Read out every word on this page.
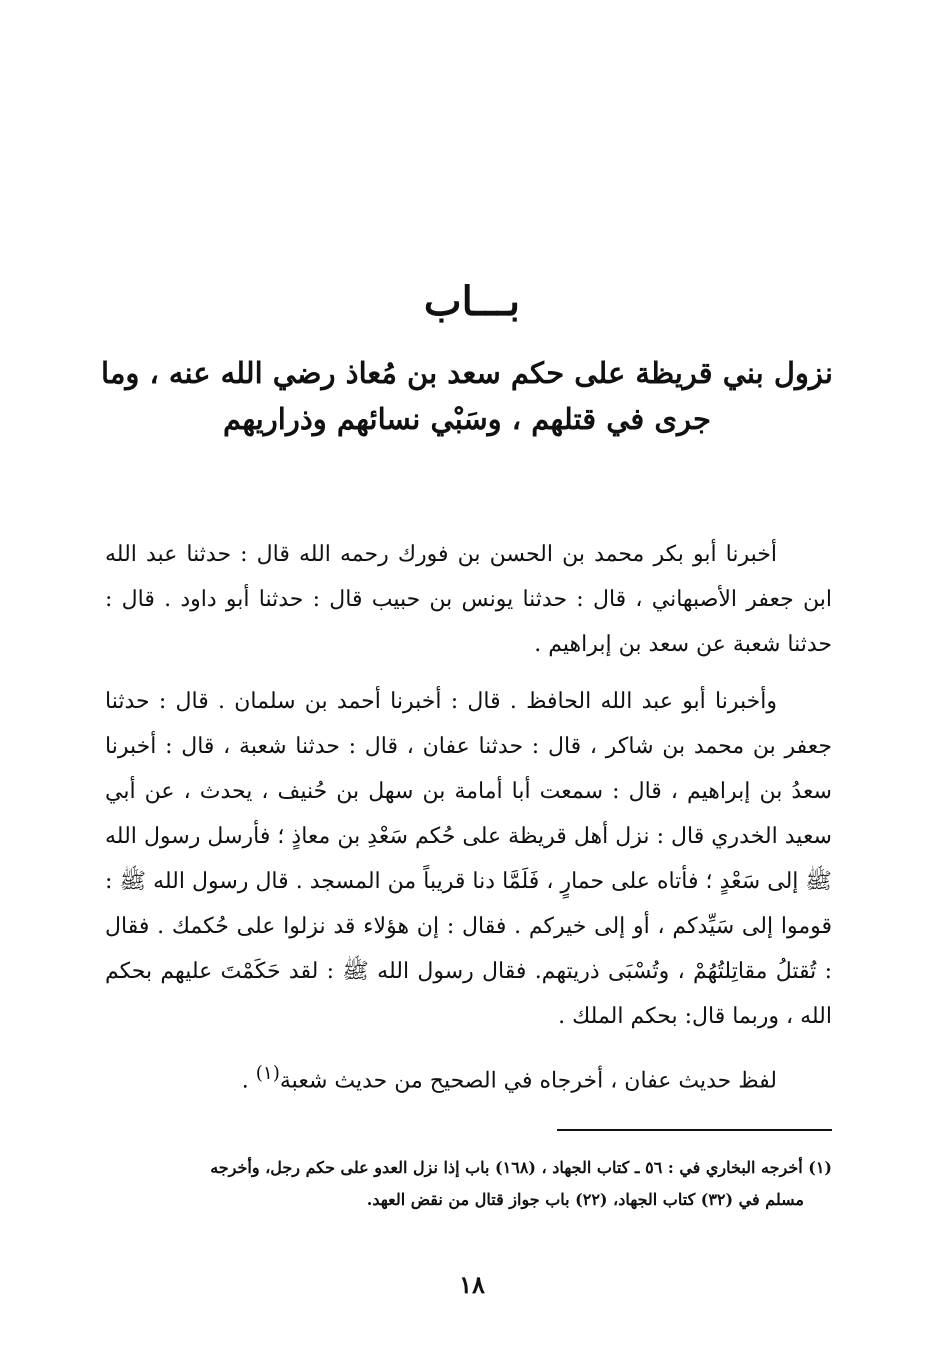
بـــاب
نزول بني قريظة على حكم سعد بن مُعاذ رضي الله عنه ، وما جرى في قتلهم ، وسَبْي نسائهم وذراريهم

أخبرنا أبو بكر محمد بن الحسن بن فورك رحمه الله قال : حدثنا عبد الله ابن جعفر الأصبهاني ، قال : حدثنا يونس بن حبيب قال : حدثنا أبو داود . قال : حدثنا شعبة عن سعد بن إبراهيم .

وأخبرنا أبو عبد الله الحافظ . قال : أخبرنا أحمد بن سلمان . قال : حدثنا جعفر بن محمد بن شاكر ، قال : حدثنا عفان ، قال : حدثنا شعبة ، قال : أخبرنا سعدُ بن إبراهيم ، قال : سمعت أبا أمامة بن سهل بن حُنيف ، يحدث ، عن أبي سعيد الخدري قال : نزل أهل قريظة على حُكم سَعْدِ بن معاذٍ ؛ فأرسل رسول الله ﷺ إلى سَعْدٍ ؛ فأتاه على حمارٍ ، فَلَمَّا دنا قريباً من المسجد . قال رسول الله ﷺ : قوموا إلى سَيِّدكم ، أو إلى خيركم . فقال : إن هؤلاء قد نزلوا على حُكمك . فقال : تُقتلُ مقاتِلتُهُمْ ، وتُسْبَى ذريتهم. فقال رسول الله ﷺ : لقد حَكَمْتَ عليهم بحكم الله ، وربما قال: بحكم الملك .

لفظ حديث عفان ، أخرجاه في الصحيح من حديث شعبة$^{(١)}$ .

(١) أخرجه البخاري في : ٥٦ ـ كتاب الجهاد ، (١٦٨) باب إذا نزل العدو على حكم رجل، وأخرجه
مسلم في (٣٢) كتاب الجهاد، (٢٢) باب جواز قتال من نقض العهد.
١٨
